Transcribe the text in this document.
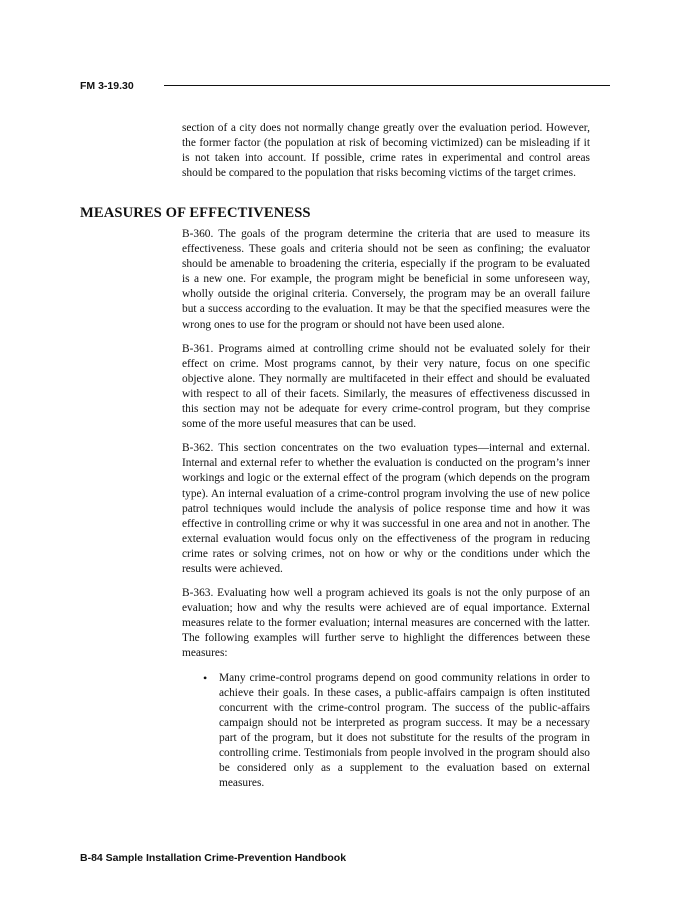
FM 3-19.30

section of a city does not normally change greatly over the evaluation period. However, the former factor (the population at risk of becoming victimized) can be misleading if it is not taken into account. If possible, crime rates in experimental and control areas should be compared to the population that risks becoming victims of the target crimes.

MEASURES OF EFFECTIVENESS

B-360. The goals of the program determine the criteria that are used to measure its effectiveness. These goals and criteria should not be seen as confining; the evaluator should be amenable to broadening the criteria, especially if the program to be evaluated is a new one. For example, the program might be beneficial in some unforeseen way, wholly outside the original criteria. Conversely, the program may be an overall failure but a success according to the evaluation. It may be that the specified measures were the wrong ones to use for the program or should not have been used alone.

B-361. Programs aimed at controlling crime should not be evaluated solely for their effect on crime. Most programs cannot, by their very nature, focus on one specific objective alone. They normally are multifaceted in their effect and should be evaluated with respect to all of their facets. Similarly, the measures of effectiveness discussed in this section may not be adequate for every crime-control program, but they comprise some of the more useful measures that can be used.

B-362. This section concentrates on the two evaluation types—internal and external. Internal and external refer to whether the evaluation is conducted on the program’s inner workings and logic or the external effect of the program (which depends on the program type). An internal evaluation of a crime-control program involving the use of new police patrol techniques would include the analysis of police response time and how it was effective in controlling crime or why it was successful in one area and not in another. The external evaluation would focus only on the effectiveness of the program in reducing crime rates or solving crimes, not on how or why or the conditions under which the results were achieved.

B-363. Evaluating how well a program achieved its goals is not the only purpose of an evaluation; how and why the results were achieved are of equal importance. External measures relate to the former evaluation; internal measures are concerned with the latter. The following examples will further serve to highlight the differences between these measures:

• Many crime-control programs depend on good community relations in order to achieve their goals. In these cases, a public-affairs campaign is often instituted concurrent with the crime-control program. The success of the public-affairs campaign should not be interpreted as program success. It may be a necessary part of the program, but it does not substitute for the results of the program in controlling crime. Testimonials from people involved in the program should also be considered only as a supplement to the evaluation based on external measures.
B-84 Sample Installation Crime-Prevention Handbook
